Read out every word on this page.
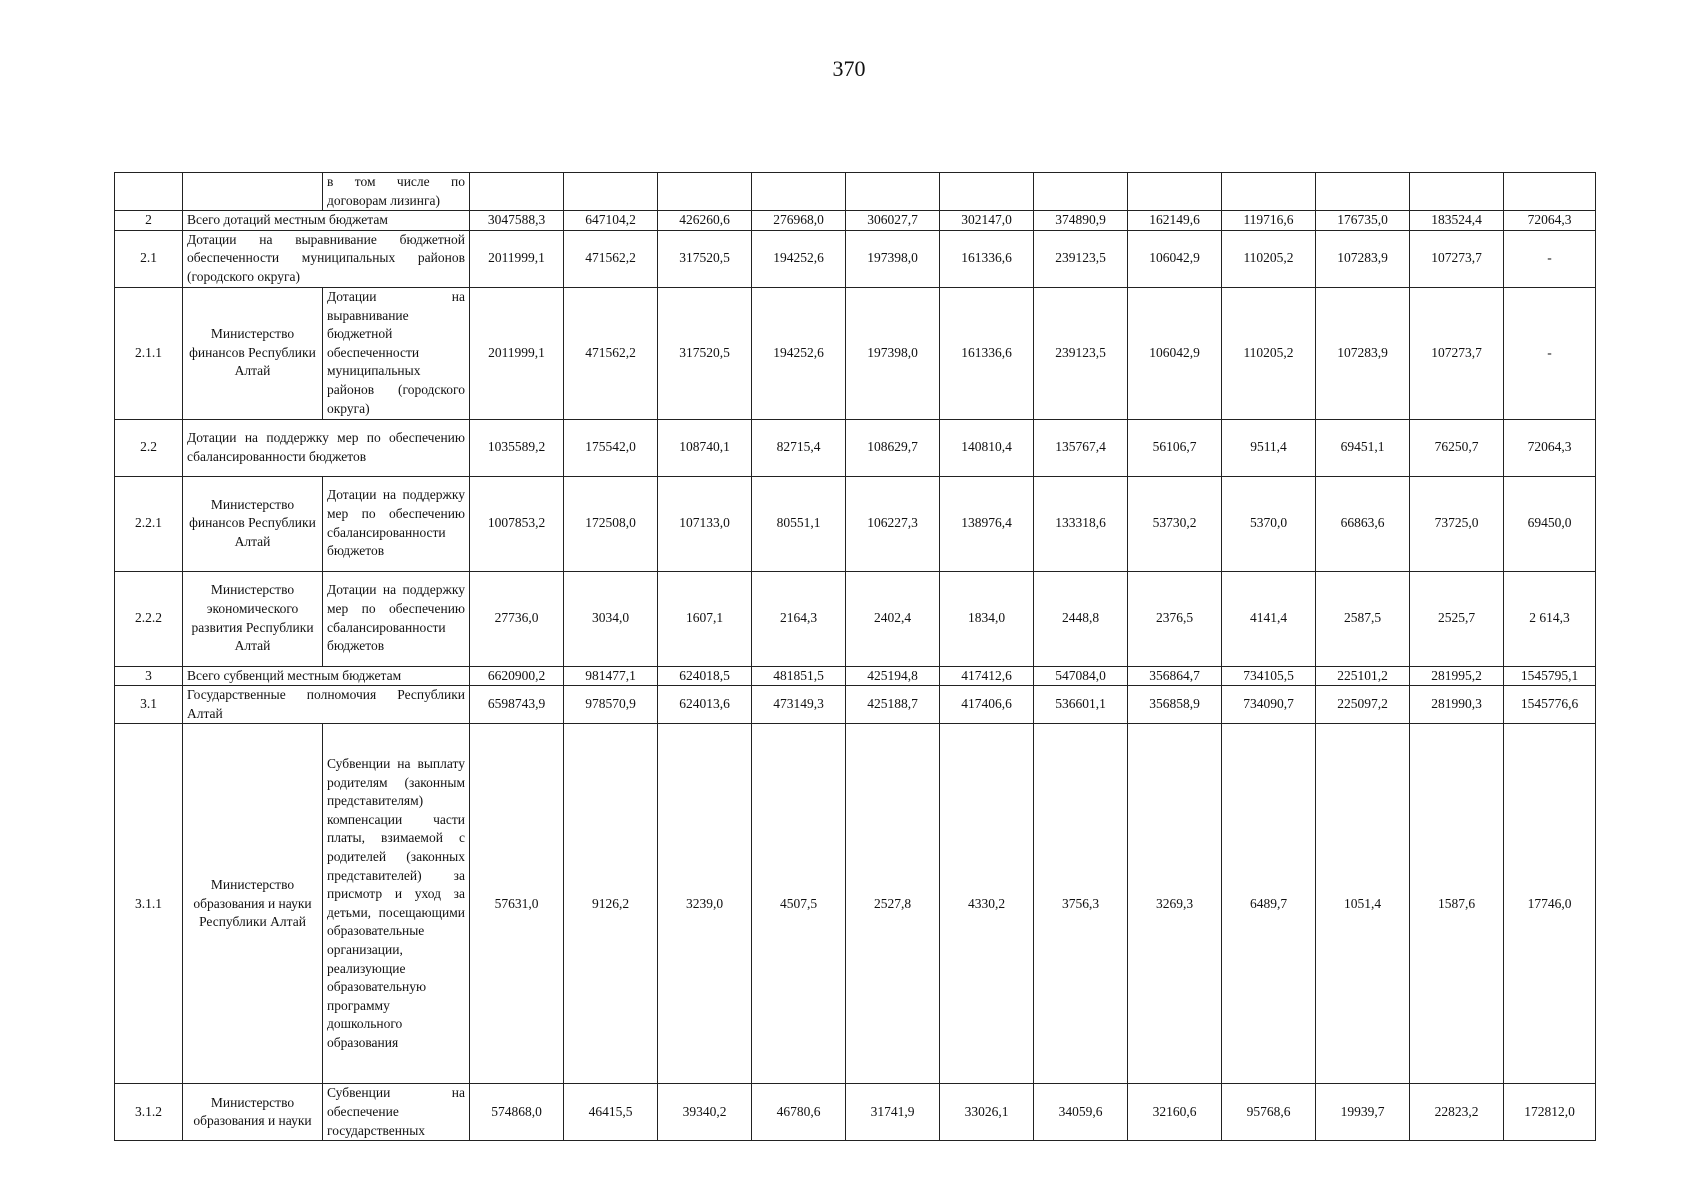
370
		в том числе по договорам лизинга)													
2	Всего дотаций местным бюджетам		3047588,3	647104,2	426260,6	276968,0	306027,7	302147,0	374890,9	162149,6	119716,6	176735,0	183524,4	72064,3	
2.1	Дотации на выравнивание бюджетной обеспеченности муниципальных районов (городского округа)		2011999,1	471562,2	317520,5	194252,6	197398,0	161336,6	239123,5	106042,9	110205,2	107283,9	107273,7	-	
2.1.1	Министерство финансов Республики Алтай	Дотации на выравнивание бюджетной обеспеченности муниципальных районов (городского округа)	2011999,1	471562,2	317520,5	194252,6	197398,0	161336,6	239123,5	106042,9	110205,2	107283,9	107273,7	-	
2.2	Дотации на поддержку мер по обеспечению сбалансированности бюджетов		1035589,2	175542,0	108740,1	82715,4	108629,7	140810,4	135767,4	56106,7	9511,4	69451,1	76250,7	72064,3	
2.2.1	Министерство финансов Республики Алтай	Дотации на поддержку мер по обеспечению сбалансированности бюджетов	1007853,2	172508,0	107133,0	80551,1	106227,3	138976,4	133318,6	53730,2	5370,0	66863,6	73725,0	69450,0	
2.2.2	Министерство экономического развития Республики Алтай	Дотации на поддержку мер по обеспечению сбалансированности бюджетов	27736,0	3034,0	1607,1	2164,3	2402,4	1834,0	2448,8	2376,5	4141,4	2587,5	2525,7	2 614,3	
3	Всего субвенций местным бюджетам		6620900,2	981477,1	624018,5	481851,5	425194,8	417412,6	547084,0	356864,7	734105,5	225101,2	281995,2	1545795,1	
3.1	Государственные полномочия Республики Алтай		6598743,9	978570,9	624013,6	473149,3	425188,7	417406,6	536601,1	356858,9	734090,7	225097,2	281990,3	1545776,6	
3.1.1	Министерство образования и науки Республики Алтай	Субвенции на выплату родителям (законным представителям) компенсации части платы, взимаемой с родителей (законных представителей) за присмотр и уход за детьми, посещающими образовательные организации, реализующие образовательную программу дошкольного образования	57631,0	9126,2	3239,0	4507,5	2527,8	4330,2	3756,3	3269,3	6489,7	1051,4	1587,6	17746,0	
3.1.2	Министерство образования и науки	Субвенции на обеспечение государственных	574868,0	46415,5	39340,2	46780,6	31741,9	33026,1	34059,6	32160,6	95768,6	19939,7	22823,2	172812,0	
